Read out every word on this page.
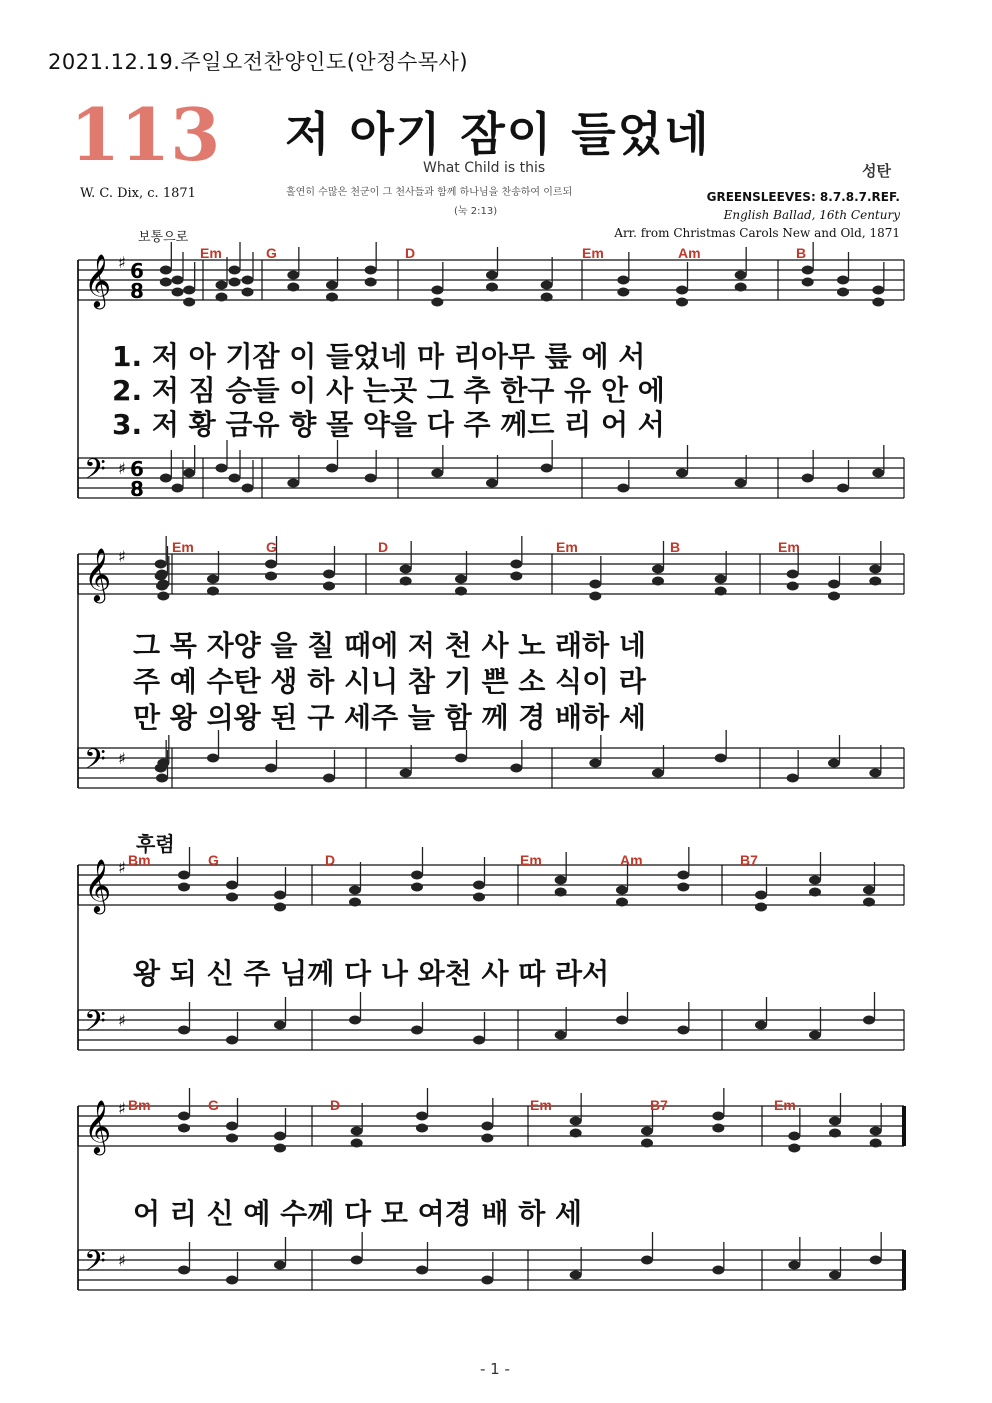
2021.12.19.주일오전찬양인도(안정수목사)
113 저 아기 잠이 들었네
What Child is this	성탄
W. C. Dix, c. 1871	홀연히 수많은 천군이 그 천사들과 함께 하나님을 찬송하여 이르되
(눅 2:13)
GREENSLEEVES: 8.7.8.7.REF.
English Ballad, 16th Century
Arr. from Christmas Carols New and Old, 1871
보통으로
후렴
𝄞 ♯ 6
8
𝄢 ♯ 6
8
𝄞 ♯
𝄢 ♯
𝄞 ♯
𝄢 ♯
𝄞 ♯
𝄢 ♯
Em	G	D	Em	Am	B
Em	G	D	Em	B	Em
Bm	G	D	Em	Am	B7
Bm	G	D	Em	B7	Em
1. 저 아 기잠 이 들었네 마 리아무 릎 에 서
2. 저 짐 승들 이 사 는곳 그 추 한구 유 안 에
3. 저 황 금유 향 몰 약을 다 주 께드 리 어 서
그 목 자양 을 칠 때에 저 천 사 노 래하 네
주 예 수탄 생 하 시니 참 기 쁜 소 식이 라
만 왕 의왕 된 구 세주 늘 함 께 경 배하 세
왕 되 신 주 님께 다 나 와천 사 따 라서
어 리 신 예 수께 다 모 여경 배 하 세
- 1 -
